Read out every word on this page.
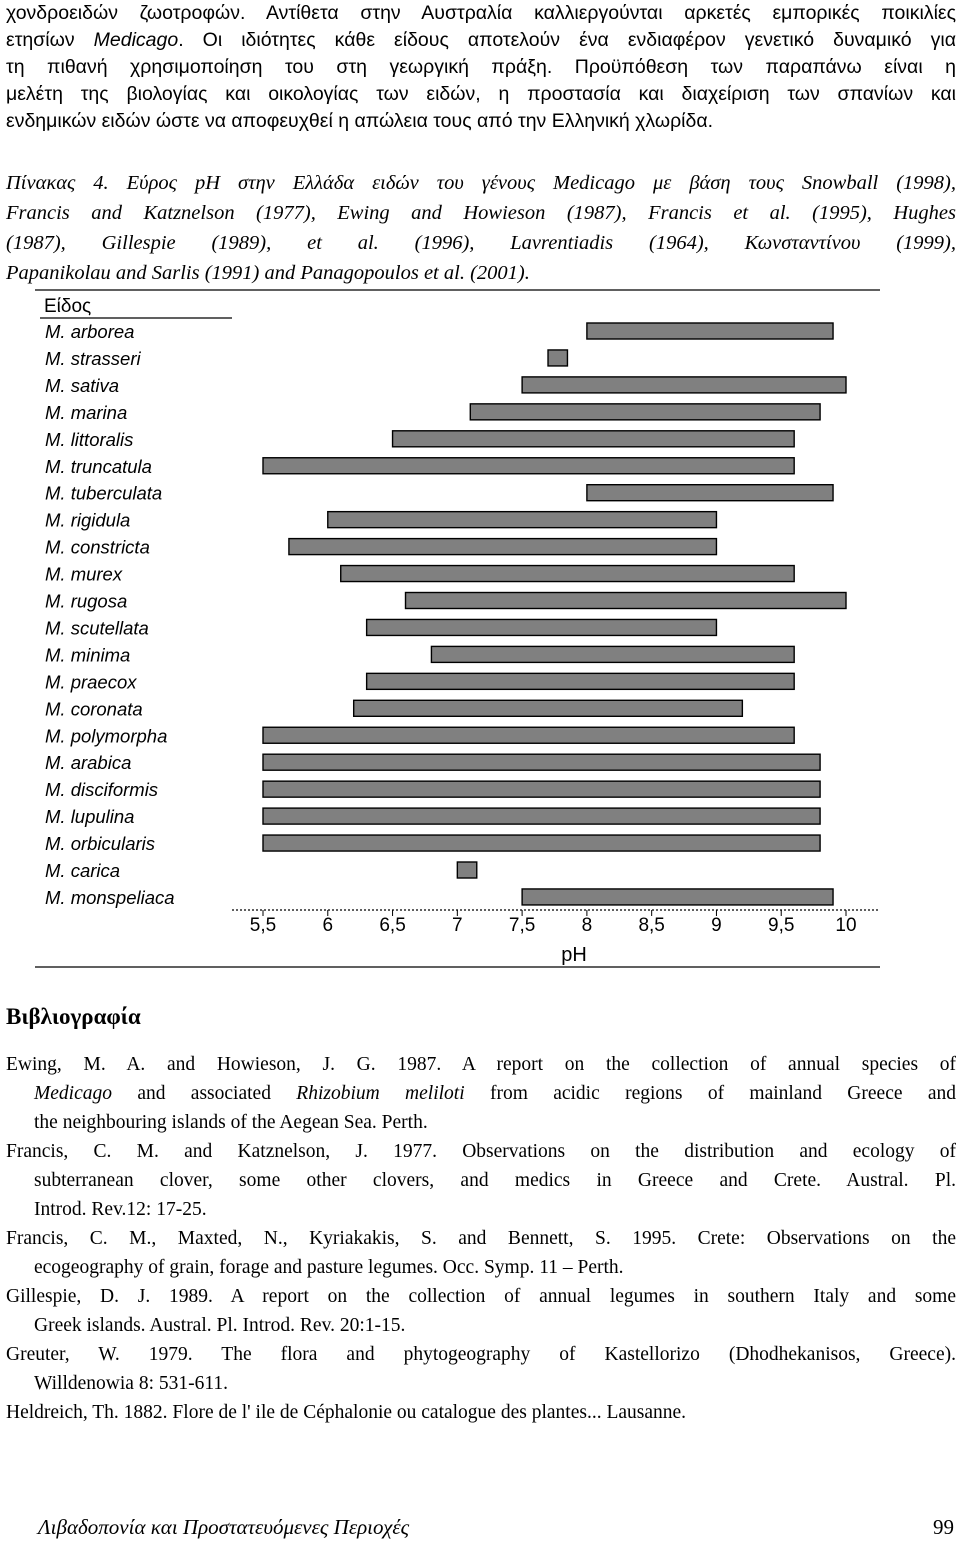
χονδροειδών ζωοτροφών. Αντίθετα στην Αυστραλία καλλιεργούνται αρκετές εμπορικές ποικιλίες
ετησίων Medicago. Οι ιδιότητες κάθε είδους αποτελούν ένα ενδιαφέρον γενετικό δυναμικό για
τη πιθανή χρησιμοποίηση του στη γεωργική πράξη. Προϋπόθεση των παραπάνω είναι η
μελέτη της βιολογίας και οικολογίας των ειδών, η προστασία και διαχείριση των σπανίων και
ενδημικών ειδών ώστε να αποφευχθεί η απώλεια τους από την Ελληνική χλωρίδα.
Πίνακας 4. Εύρος pH στην Ελλάδα ειδών του γένους Medicago με βάση τους Snowball (1998),
Francis and Katznelson (1977), Ewing and Howieson (1987), Francis et al. (1995), Hughes
(1987), Gillespie (1989), et al. (1996), Lavrentiadis (1964), Κωνσταντίνου (1999),
Papanikolau and Sarlis (1991) and Panagopoulos et al. (2001).
Είδος
M. arborea
M. strasseri
M. sativa
M. marina
M. littoralis
M. truncatula
M. tuberculata
M. rigidula
M. constricta
M. murex
M. rugosa
M. scutellata
M. minima
M. praecox
M. coronata
M. polymorpha
M. arabica
M. disciformis
M. lupulina
M. orbicularis
M. carica
M. monspeliaca
5,5 6 6,5 7 7,5 8 8,5 9 9,5 10
pH
Βιβλιογραφία
Ewing, M. A. and Howieson, J. G. 1987. A report on the collection of annual species of
Medicago and associated Rhizobium meliloti from acidic regions of mainland Greece and
the neighbouring islands of the Aegean Sea. Perth.
Francis, C. M. and Katznelson, J. 1977. Observations on the distribution and ecology of
subterranean clover, some other clovers, and medics in Greece and Crete. Austral. Pl.
Introd. Rev.12: 17-25.
Francis, C. M., Maxted, N., Kyriakakis, S. and Bennett, S. 1995. Crete: Observations on the
ecogeography of grain, forage and pasture legumes. Occ. Symp. 11 – Perth.
Gillespie, D. J. 1989. A report on the collection of annual legumes in southern Italy and some
Greek islands. Austral. Pl. Introd. Rev. 20:1-15.
Greuter, W. 1979. The flora and phytogeography of Kastellorizo (Dhodhekanisos, Greece).
Willdenowia 8: 531-611.
Heldreich, Th. 1882. Flore de l' ile de Céphalonie ou catalogue des plantes... Lausanne.
Λιβαδοπονία και Προστατευόμενες Περιοχές	99
